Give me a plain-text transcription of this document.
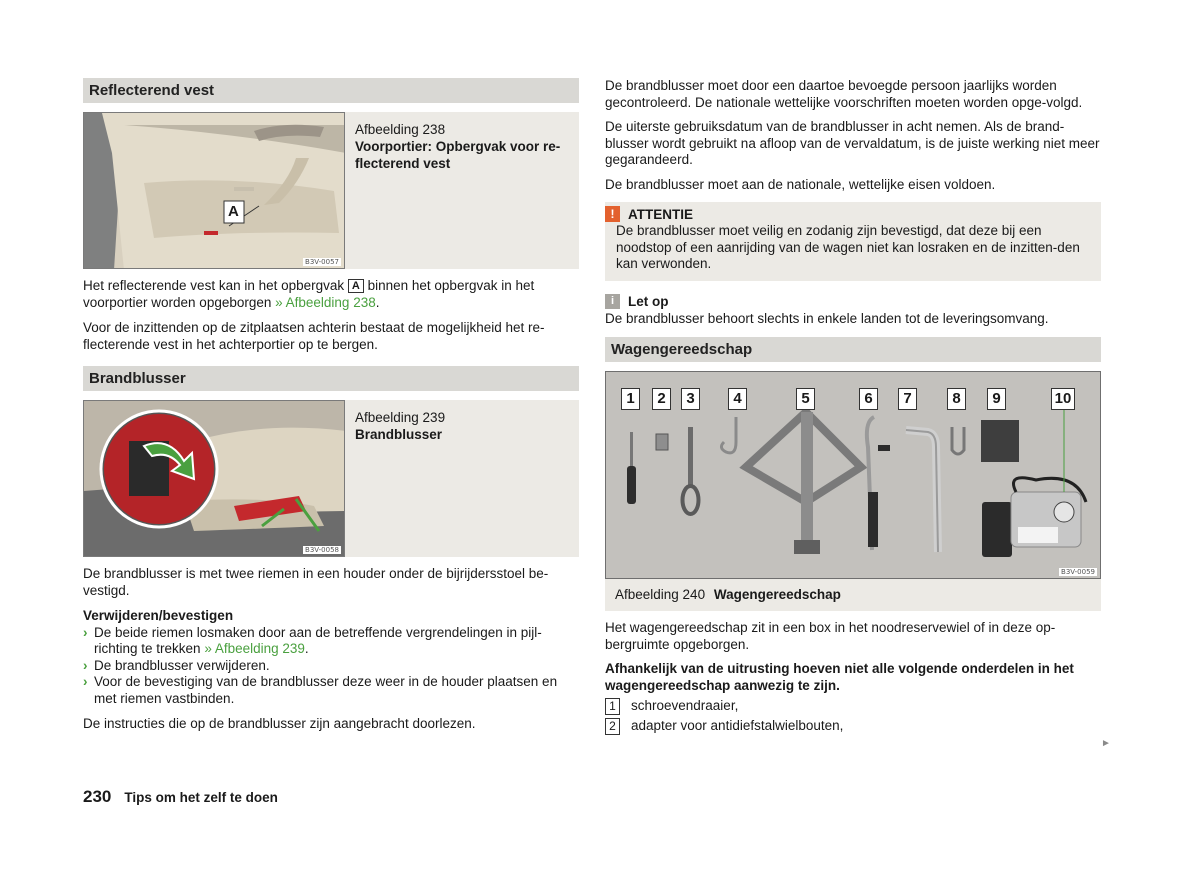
Reflecterend vest
A
B3V-0057
Afbeelding 238
Voorportier: Opbergvak voor re-flecterend vest

Het reflecterende vest kan in het opbergvak A binnen het opbergvak in het voorportier worden opgeborgen » Afbeelding 238.

Voor de inzittenden op de zitplaatsen achterin bestaat de mogelijkheid het re-flecterende vest in het achterportier op te bergen.

Brandblusser
B3V-0058
Afbeelding 239
Brandblusser

De brandblusser is met twee riemen in een houder onder de bijrijdersstoel be-vestigd.

Verwijderen/bevestigen

› De beide riemen losmaken door aan de betreffende vergrendelingen in pijl-richting te trekken » Afbeelding 239.
› De brandblusser verwijderen.
› Voor de bevestiging van de brandblusser deze weer in de houder plaatsen en met riemen vastbinden.

De instructies die op de brandblusser zijn aangebracht doorlezen.

De brandblusser moet door een daartoe bevoegde persoon jaarlijks worden gecontroleerd. De nationale wettelijke voorschriften moeten worden opge-volgd.

De uiterste gebruiksdatum van de brandblusser in acht nemen. Als de brand-blusser wordt gebruikt na afloop van de vervaldatum, is de juiste werking niet meer gegarandeerd.

De brandblusser moet aan de nationale, wettelijke eisen voldoen.

!	ATTENTIE

De brandblusser moet veilig en zodanig zijn bevestigd, dat deze bij een noodstop of een aanrijding van de wagen niet kan losraken en de inzitten-den kan verwonden.

i	Let op

De brandblusser behoort slechts in enkele landen tot de leveringsomvang.

Wagengereedschap
1	2	3	4	5	6	7	8	9	10
B3V-0059
Afbeelding 240 Wagengereedschap

Het wagengereedschap zit in een box in het noodreservewiel of in deze op-bergruimte opgeborgen.

Afhankelijk van de uitrusting hoeven niet alle volgende onderdelen in het wagengereedschap aanwezig te zijn.

1	schroevendraaier,
2	adapter voor antidiefstalwielbouten,
►
230 Tips om het zelf te doen
